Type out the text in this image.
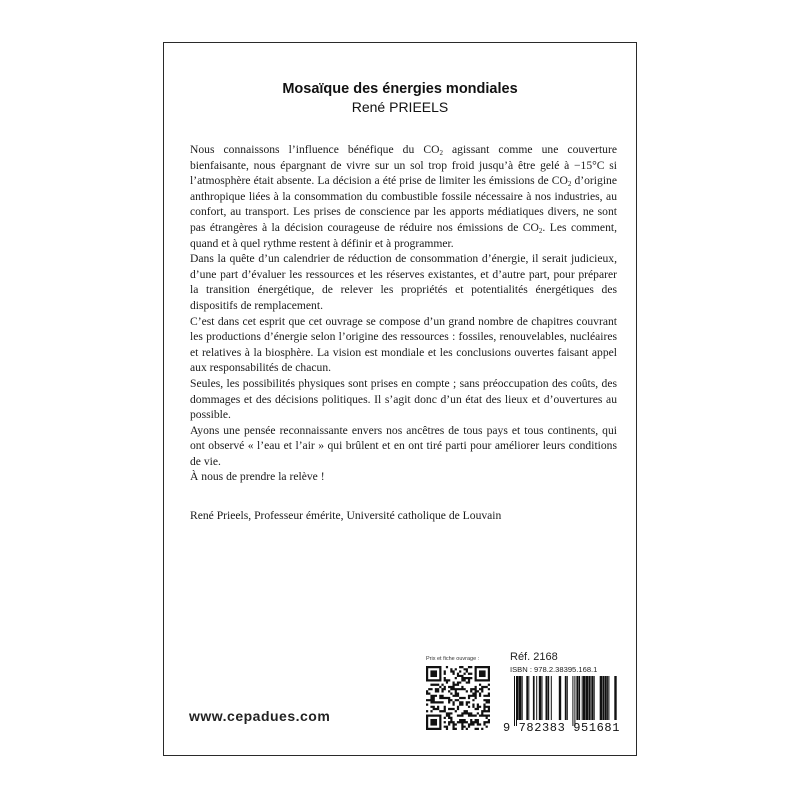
Mosaïque des énergies mondiales
René PRIEELS

Nous connaissons l’influence bénéfique du $CO_2$ agissant comme une couverture bienfaisante, nous épargnant de vivre sur un sol trop froid jusqu’à être gelé à −15°C si l’atmosphère était absente. La décision a été prise de limiter les émissions de $CO_2$ d’origine anthropique liées à la consommation du combustible fossile nécessaire à nos industries, au confort, au transport. Les prises de conscience par les apports médiatiques divers, ne sont pas étrangères à la décision courageuse de réduire nos émissions de $CO_2$. Les comment, quand et à quel rythme restent à définir et à programmer.

Dans la quête d’un calendrier de réduction de consommation d’énergie, il serait judicieux, d’une part d’évaluer les ressources et les réserves existantes, et d’autre part, pour préparer la transition énergétique, de relever les propriétés et potentialités énergétiques des dispositifs de remplacement.

C’est dans cet esprit que cet ouvrage se compose d’un grand nombre de chapitres couvrant les productions d’énergie selon l’origine des ressources : fossiles, renouvelables, nucléaires et relatives à la biosphère. La vision est mondiale et les conclusions ouvertes faisant appel aux responsabilités de chacun.

Seules, les possibilités physiques sont prises en compte ; sans préoccupation des coûts, des dommages et des décisions politiques. Il s’agit donc d’un état des lieux et d’ouvertures au possible.

Ayons une pensée reconnaissante envers nos ancêtres de tous pays et tous continents, qui ont observé « l’eau et l’air » qui brûlent et en ont tiré parti pour améliorer leurs conditions de vie.

À nous de prendre la relève !

René Prieels, Professeur émérite, Université catholique de Louvain
Prix et fiche ouvrage :	Réf. 2168
ISBN : 978.2.38395.168.1
9 782383 951681
www.cepadues.com
